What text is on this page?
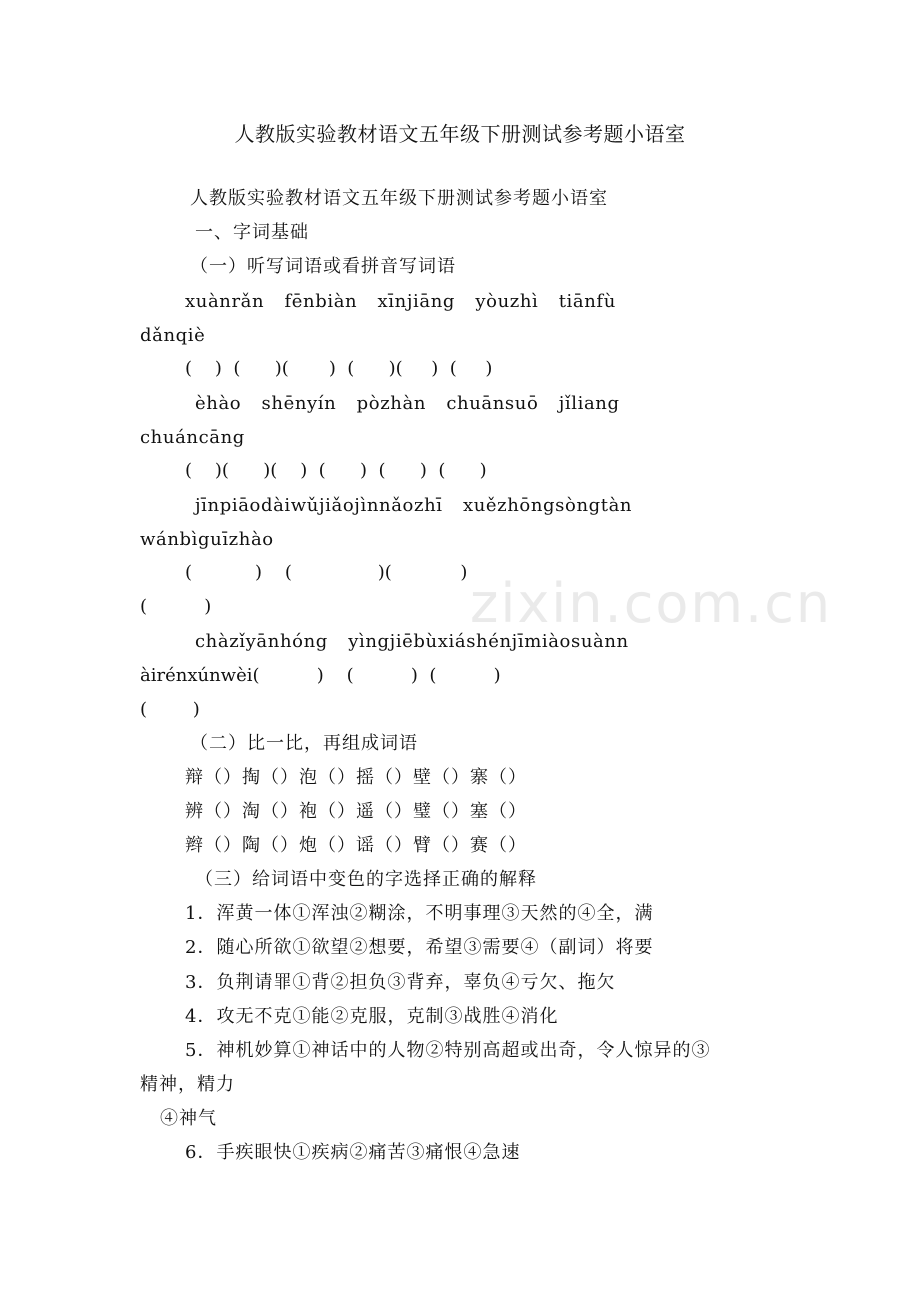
zixin.com.cn
人教版实验教材语文五年级下册测试参考题小语室
人教版实验教材语文五年级下册测试参考题小语室
一、字词基础
（一）听写词语或看拼音写词语
xuànrǎn fēnbiàn xīnjiāng yòuzhì tiānfù
dǎnqiè
(    )  (      )(       )  (      )(     )  (     )
èhào shēnyín pòzhàn chuānsuō jǐliang
chuáncāng
(    )(      )(    )  (      )  (      )  (      )
jīnpiāodàiwǔjiǎojìnnǎozhī xuězhōngsòngtàn
wánbìguīzhào
(           )    (               )(            )
(          )
chàzǐyānhóng yìngjiēbùxiáshénjīmiàosuànn
àirénxúnwèi(          )    (          )  (          )
(        )
（二）比一比，再组成词语
辩（）掏（）泡（）摇（）壁（）寨（）
辨（）淘（）袍（）遥（）璧（）塞（）
辫（）陶（）炮（）谣（）臂（）赛（）
（三）给词语中变色的字选择正确的解释
1．浑黄一体①浑浊②糊涂，不明事理③天然的④全，满
2．随心所欲①欲望②想要，希望③需要④（副词）将要
3．负荆请罪①背②担负③背弃，辜负④亏欠、拖欠
4．攻无不克①能②克服，克制③战胜④消化
5．神机妙算①神话中的人物②特别高超或出奇，令人惊异的③
精神，精力
④神气
6．手疾眼快①疾病②痛苦③痛恨④急速
